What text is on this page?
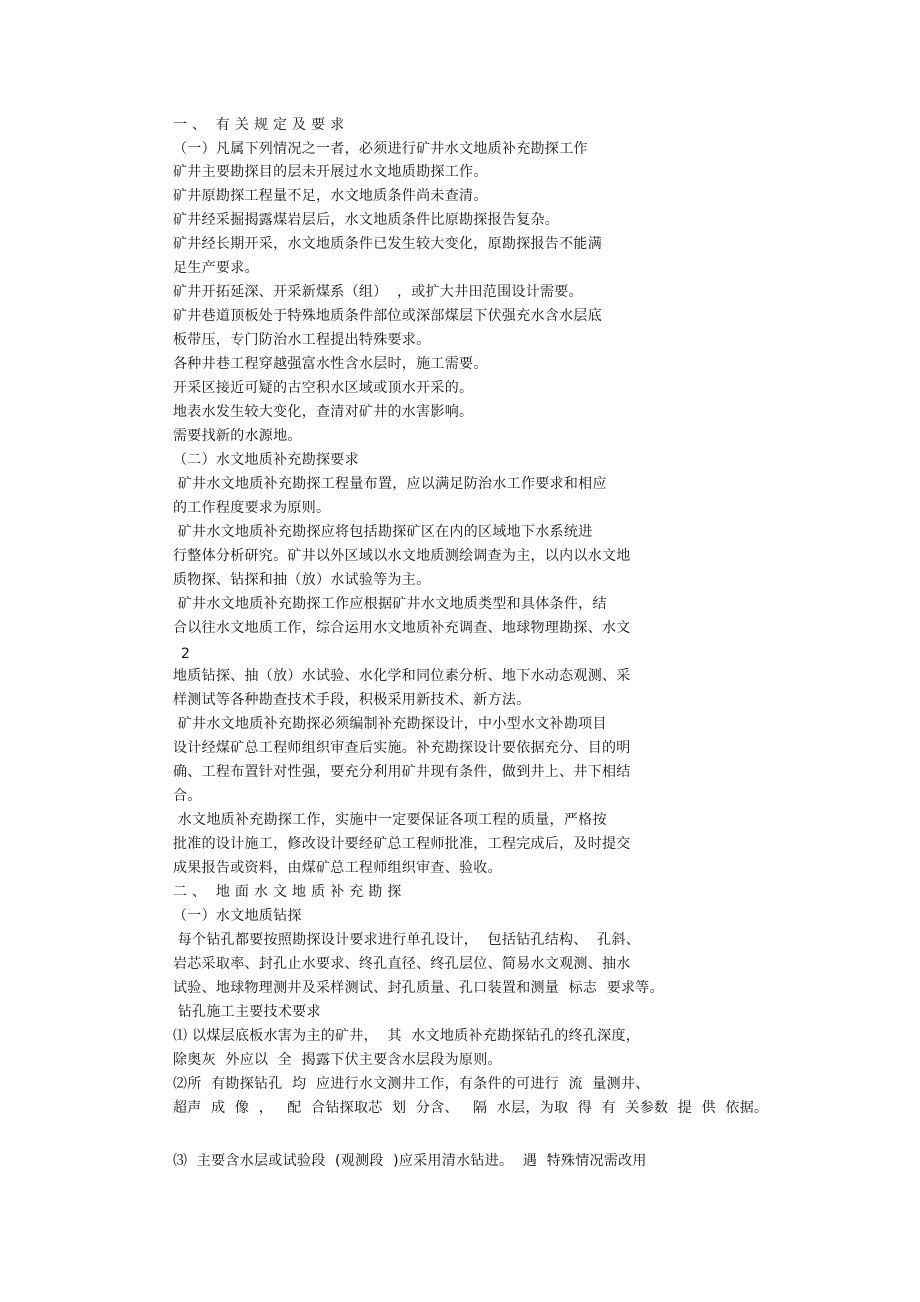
一 、  有 关 规 定 及 要 求
（一）凡属下列情况之一者，必须进行矿井水文地质补充勘探工作
矿井主要勘探目的层未开展过水文地质勘探工作。
矿井原勘探工程量不足，水文地质条件尚未查清。
矿井经采掘揭露煤岩层后，水文地质条件比原勘探报告复杂。
矿井经长期开采，水文地质条件已发生较大变化，原勘探报告不能满
足生产要求。
矿井开拓延深、开采新煤系（组）  ，或扩大井田范围设计需要。
矿井巷道顶板处于特殊地质条件部位或深部煤层下伏强充水含水层底
板带压，专门防治水工程提出特殊要求。
各种井巷工程穿越强富水性含水层时，施工需要。
开采区接近可疑的古空积水区域或顶水开采的。
地表水发生较大变化，查清对矿井的水害影响。
需要找新的水源地。
（二）水文地质补充勘探要求
矿井水文地质补充勘探工程量布置，应以满足防治水工作要求和相应
的工作程度要求为原则。
矿井水文地质补充勘探应将包括勘探矿区在内的区域地下水系统进
行整体分析研究。矿井以外区域以水文地质测绘调查为主，以内以水文地
质物探、钻探和抽（放）水试验等为主。
矿井水文地质补充勘探工作应根据矿井水文地质类型和具体条件，结
合以往水文地质工作，综合运用水文地质补充调查、地球物理勘探、水文
2
地质钻探、抽（放）水试验、水化学和同位素分析、地下水动态观测、采
样测试等各种勘查技术手段，积极采用新技术、新方法。
矿井水文地质补充勘探必须编制补充勘探设计，中小型水文补勘项目
设计经煤矿总工程师组织审查后实施。补充勘探设计要依据充分、目的明
确、工程布置针对性强，要充分利用矿井现有条件，做到井上、井下相结
合。
水文地质补充勘探工作，实施中一定要保证各项工程的质量，严格按
批准的设计施工，修改设计要经矿总工程师批准，工程完成后，及时提交
成果报告或资料，由煤矿总工程师组织审查、验收。
二 、  地 面 水 文 地 质 补 充 勘 探
（一）水文地质钻探
每个钻孔都要按照勘探设计要求进行单孔设计，  包括钻孔结构、  孔斜、
岩芯采取率、封孔止水要求、终孔直径、终孔层位、简易水文观测、抽水
试验、地球物理测井及采样测试、封孔质量、孔口装置和测量  标志  要求等。
钻孔施工主要技术要求
⑴ 以煤层底板水害为主的矿井，  其  水文地质补充勘探钻孔的终孔深度，
除奥灰  外应以  全  揭露下伏主要含水层段为原则。
⑵所  有勘探钻孔  均  应进行水文测井工作，有条件的可进行  流  量测井、
超声  成  像  ，   配  合钻探取芯  划  分含、   隔  水层，为取  得  有  关参数  提  供  依据。
⑶  主要含水层或试验段  (观测段  )应采用清水钻进。  遇  特殊情况需改用
